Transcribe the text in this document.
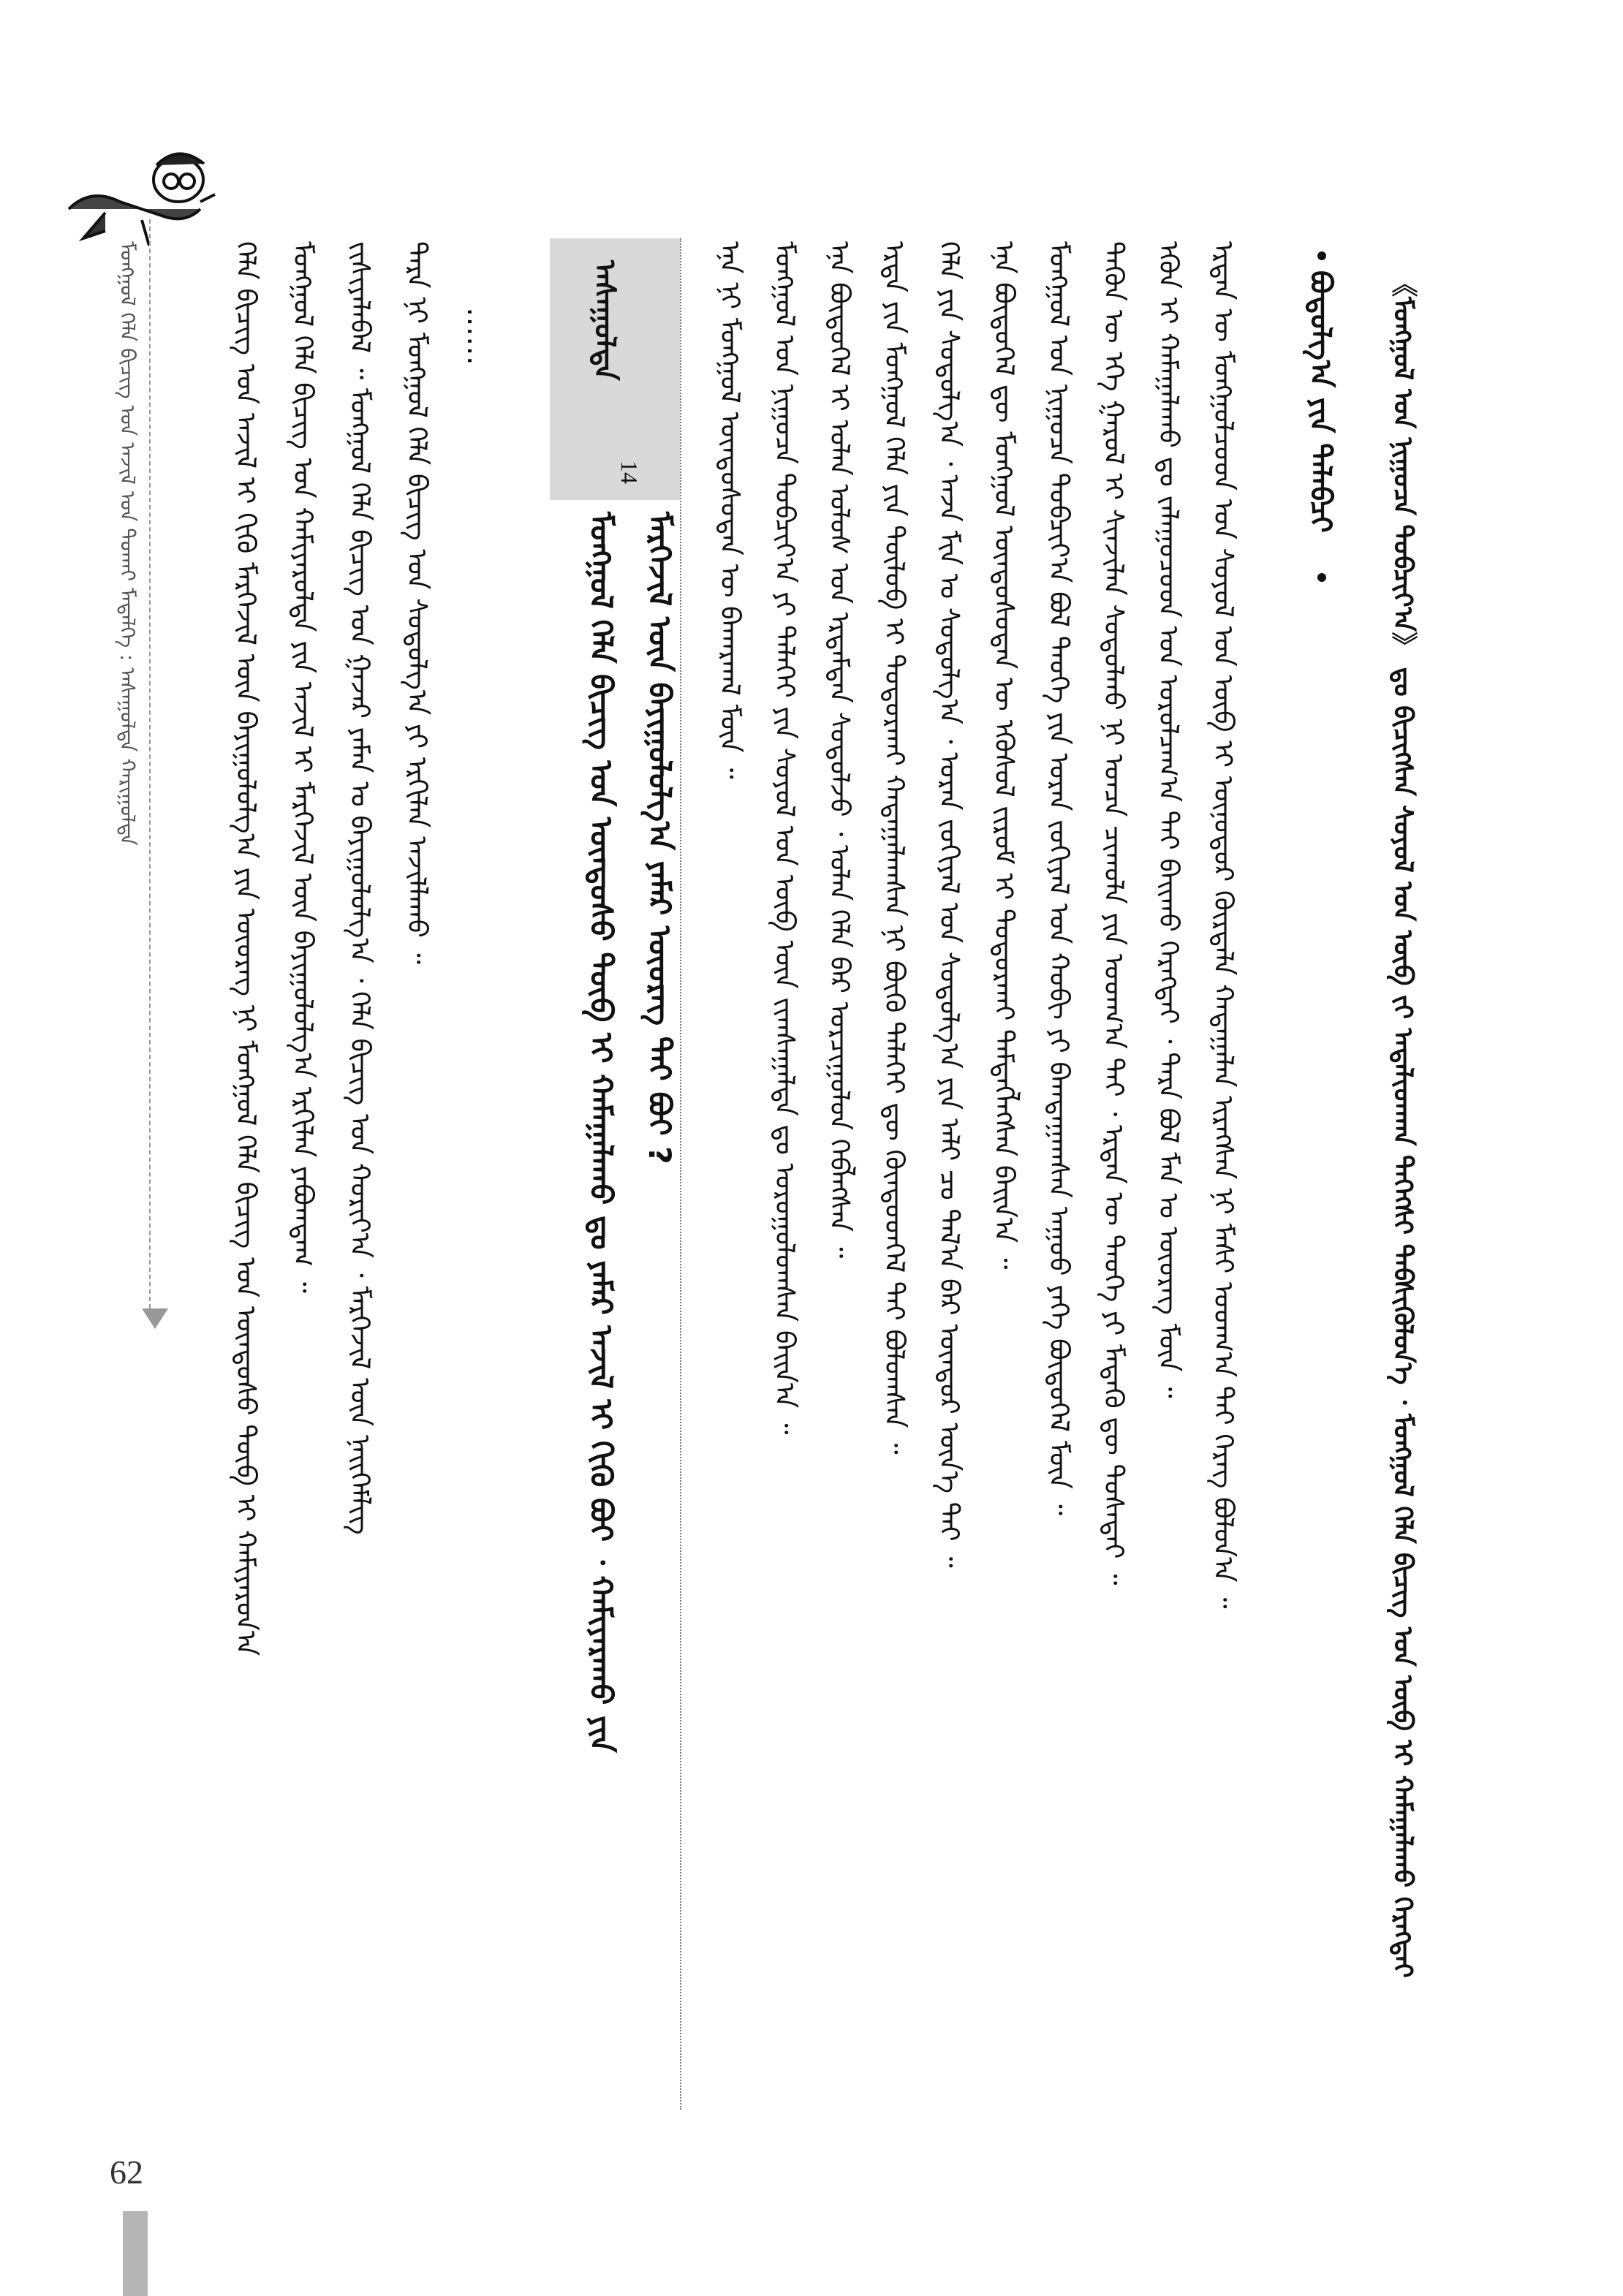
ᠮᠣᠩᠭᠣᠯ ᠬᠡᠯᠡ ᠪᠢᠴᠢᠭ ᠤᠨ ᠠᠵᠢᠯ ᠤᠨ ᠲᠤᠬᠠᠢ ᠮᠡᠳᠡᠯᠭᠡ : ᠠᠰᠠᠭᠤᠯᠲᠠ ᠬᠠᠷᠢᠭᠤᠯᠲᠠ
62
ᠬᠡᠯᠡ ᠪᠢᠴᠢᠭ ᠤᠨ ᠠᠵᠢᠯ ᠢ ᠬᠢᠬᠦ ᠮᠡᠷᠭᠡᠵᠢᠯ ᠦᠨ ᠪᠠᠶᠢᠭᠤᠯᠤᠯᠭ᠎ᠠ ᠶᠢᠨ ᠦᠦᠷᠡᠭ ᠨᠢ ᠮᠣᠩᠭᠣᠯ ᠬᠡᠯᠡ ᠪᠢᠴᠢᠭ ᠤᠨ ᠦᠨᠳᠦᠰᠦ ᠲᠥᠪ ᠢ ᠬᠠᠮᠢᠶᠠᠷᠤᠨ᠎ᠠ ᠮᠣᠩᠭᠣᠯ ᠬᠡᠯᠡ ᠪᠢᠴᠢᠭ ᠤᠨ ᠬᠠᠮᠢᠶᠠᠷᠤᠯᠲᠠ ᠶᠢᠨ ᠠᠵᠢᠯ ᠢ ᠮᠡᠷᠭᠡᠵᠢᠯ ᠦᠨ ᠪᠠᠶᠢᠭᠤᠯᠤᠯᠭ᠎ᠠ ᠡᠷᠬᠢᠯᠡᠨ ᠶᠠᠪᠤᠭᠳᠠᠭ ᠃ ᠵᠢᠱᠢᠶᠡᠯᠡᠪᠡᠯ ᠃ ᠮᠣᠩᠭᠣᠯ ᠬᠡᠯᠡ ᠪᠢᠴᠢᠭ ᠤᠨ ᠭᠠᠵᠠᠷ ᠶᠠᠮᠠᠨ ᠤ ᠪᠠᠶᠢᠭᠤᠯᠤᠯᠭ᠎ᠠ ᠂ ᠬᠡᠯᠡ ᠪᠢᠴᠢᠭ ᠤᠨ ᠬᠤᠷᠢᠶ᠎ᠠ ᠂ ᠮᠡᠷᠭᠡᠵᠢᠯ ᠦᠨ ᠨᠡᠢᠭᠡᠮᠯᠢᠭ ᠲᠡᠷᠡ ᠨᠢ ᠮᠣᠩᠭᠣᠯ ᠬᠡᠯᠡ ᠪᠢᠴᠢᠭ ᠤᠨ ᠰᠤᠳᠤᠯᠭ᠎ᠠ ᠶᠢ ᠡᠷᠬᠢᠯᠡᠨ ᠠᠵᠢᠯᠯᠠᠬᠤ ᠃ ……	ᠠᠰᠠᠭᠤᠯᠲᠠ
14
ᠮᠡᠷᠭᠡᠵᠢᠯ ᠦᠨ ᠪᠠᠶᠢᠭᠤᠯᠤᠯᠭ᠎ᠠ ᠶᠠᠮᠠᠷ ᠦᠦᠷᠡᠭ ᠲᠠᠢ ᠪᠤᠢ ?
ᠮᠣᠩᠭᠣᠯ ᠬᠡᠯᠡ ᠪᠢᠴᠢᠭ ᠤᠨ ᠦᠨᠳᠦᠰᠦ ᠲᠥᠪ ᠢ ᠬᠠᠮᠠᠭᠠᠯᠠᠬᠤ ᠳᠤ ᠶᠠᠮᠠᠷ ᠠᠵᠢᠯ ᠢ ᠬᠢᠬᠦ ᠪᠤᠢ ᠂ ᠬᠠᠮᠢᠶᠠᠷᠠᠬᠤ ᠶᠢᠨ
ᠡᠨᠡ ᠨᠢ ᠮᠣᠩᠭᠣᠯ ᠦᠨᠳᠦᠰᠦᠲᠡᠨ ᠦ ᠪᠠᠬᠠᠷᠬᠠᠯ ᠮᠥᠨ ᠃ ᠮᠣᠩᠭᠣᠯ ᠤᠨ ᠨᠢᠭᠤᠴᠠ ᠲᠣᠪᠴᠢᠶ᠎ᠠ ᠶᠢ ᠳᠡᠯᠡᠬᠡᠢ ᠶᠢᠨ ᠰᠣᠶᠣᠯ ᠤᠨ ᠥᠪ ᠦᠨ ᠵᠢᠭᠰᠠᠭᠠᠯᠲᠠ ᠳᠤ ᠣᠷᠣᠭᠤᠯᠤᠭᠰᠠᠨ ᠪᠠᠢᠨ᠎ᠠ ᠃ ᠡᠨᠡ ᠪᠦᠲᠦᠭᠡᠯ ᠢ ᠣᠯᠠᠨ ᠤᠯᠤᠰ ᠤᠨ ᠡᠷᠳᠡᠮᠲᠡᠨ ᠰᠤᠳᠤᠯᠵᠤ ᠂ ᠣᠯᠠᠨ ᠬᠡᠯᠡ ᠪᠡᠷ ᠣᠷᠴᠢᠭᠤᠯᠤᠨ ᠬᠡᠪᠯᠡᠭᠰᠡᠨ ᠃ ᠡᠷᠲᠡ ᠶᠢᠨ ᠮᠣᠩᠭᠣᠯ ᠬᠡᠯᠡ ᠶᠢᠨ ᠲᠥᠯᠦᠪ ᠢ ᠲᠣᠳᠣᠷᠬᠠᠢ ᠬᠠᠳᠠᠭᠠᠯᠠᠭᠰᠠᠨ ᠨᠢ ᠪᠦᠬᠦ ᠳᠡᠯᠡᠬᠡᠢ ᠳᠦ ᠬᠦᠨᠳᠦᠳᠬᠡᠯ ᠲᠡᠢ ᠪᠣᠯᠤᠭᠰᠠᠨ ᠃ ᠬᠡᠯᠡ ᠶᠢᠨ ᠰᠤᠳᠤᠯᠭ᠎ᠠ ᠂ ᠠᠵᠠ ᠮᠢᠨ ᠤ ᠰᠤᠳᠤᠯᠭ᠎ᠠ ᠂ ᠤᠷᠠᠨ ᠵᠣᠬᠢᠶᠠᠯ ᠤᠨ ᠰᠤᠳᠤᠯᠭ᠎ᠠ ᠶᠢᠨ ᠠᠯᠢ ᠴᠤ ᠲᠠᠯ᠎ᠠ ᠪᠠᠷ ᠥᠨᠳᠥᠷ ᠦᠨ᠎ᠡ ᠲᠠᠢ ᠃ ᠡᠨᠡ ᠪᠦᠲᠦᠭᠡᠯ ᠳᠦ ᠮᠣᠩᠭᠣᠯ ᠦᠨᠳᠦᠰᠦᠲᠡᠨ ᠦ ᠡᠭᠦᠰᠦᠯ ᠵᠢᠷᠤᠮ ᠢ ᠲᠣᠳᠣᠷᠬᠠᠢ ᠲᠡᠮᠳᠡᠭᠯᠡᠭᠰᠡᠨ ᠪᠠᠢᠨ᠎ᠠ ᠃ ᠮᠣᠩᠭᠣᠯ ᠤᠨ ᠨᠢᠭᠤᠴᠠ ᠲᠣᠪᠴᠢᠶ᠎ᠠ ᠪᠣᠯ ᠲᠡᠦᠬᠡ ᠶᠢᠨ ᠤᠷᠠᠨ ᠵᠣᠬᠢᠶᠠᠯ ᠤᠨ ᠬᠤᠪᠢ ᠶᠢ ᠪᠠᠭᠲᠠᠭᠠᠭᠰᠠᠨ ᠠᠭᠤᠤ ᠶᠡᠬᠡ ᠪᠦᠲᠦᠭᠡᠯ ᠮᠥᠨ ᠃ ᠲᠡᠭᠦᠨ ᠦ ᠡᠬᠡ ᠭᠠᠷᠤᠯ ᠢ ᠰᠢᠨᠵᠢᠯᠡᠨ ᠰᠤᠳᠤᠯᠬᠤ ᠨᠢ ᠣᠨᠴᠠ ᠴᠢᠬᠤᠯᠠ ᠶᠢᠨ ᠤᠳᠬ᠎ᠠ ᠲᠠᠢ ᠂ ᠡᠷᠲᠡᠨ ᠦ ᠲᠡᠦᠬᠡ ᠶᠢ ᠮᠡᠳᠡᠬᠦ ᠳᠦ ᠲᠤᠰᠠᠲᠠᠢ ᠃ ᠡᠭᠦᠨ ᠢ ᠬᠠᠮᠠᠭᠠᠯᠠᠬᠤ ᠳᠤ ᠵᠠᠯᠠᠭᠤᠴᠤᠳ ᠤᠨ ᠣᠷᠣᠯᠴᠠᠭ᠎ᠠ ᠲᠠᠢ ᠪᠠᠢᠬᠤ ᠬᠡᠷᠡᠭᠲᠡᠢ ᠂ ᠲᠡᠷᠡ ᠪᠣᠯ ᠮᠠᠨ ᠤ ᠦᠦᠷᠡᠭ ᠮᠥᠨ ᠃ ᠡᠷᠲᠡᠨ ᠦ ᠮᠣᠩᠭᠣᠯᠴᠤᠳ ᠤᠨ ᠰᠣᠶᠣᠯ ᠤᠨ ᠥᠪ ᠢ ᠥᠨᠥᠳᠥᠷ ᠬᠦᠷᠲᠡᠯᠡ ᠬᠠᠳᠠᠭᠠᠯᠠᠨ ᠢᠷᠡᠭᠰᠡᠨ ᠨᠢ ᠮᠠᠰᠢ ᠤᠳᠬ᠎ᠠ ᠲᠡᠢ ᠬᠡᠷᠡᠭ ᠪᠣᠯᠤᠨ᠎ᠠ ᠃ ᠪᠤᠳᠤᠯᠭ᠎ᠠ ᠶᠢᠨ ᠳᠠᠯᠠᠪᠴᠢ 《ᠮᠣᠩᠭᠣᠯ ᠤᠨ ᠨᠢᠭᠤᠴᠠ ᠲᠣᠪᠴᠢᠶ᠎ᠠ》 ᠳᠤ ᠪᠢᠴᠢᠭᠰᠡᠨ ᠰᠣᠶᠣᠯ ᠤᠨ ᠥᠪ ᠵᠢ ᠠᠳᠠᠯᠢᠳᠬᠠᠨ ᠳᠡᠭᠡᠭᠰᠢ ᠳᠡᠪᠰᠢᠭᠦᠯᠦᠨ᠎ᠡ ᠂ ᠮᠣᠩᠭᠣᠯ ᠬᠡᠯᠡ ᠪᠢᠴᠢᠭ ᠤᠨ ᠥᠪ ᠢ ᠬᠠᠮᠠᠭᠠᠯᠠᠬᠤ ᠬᠡᠷᠡᠭᠲᠡᠢ
